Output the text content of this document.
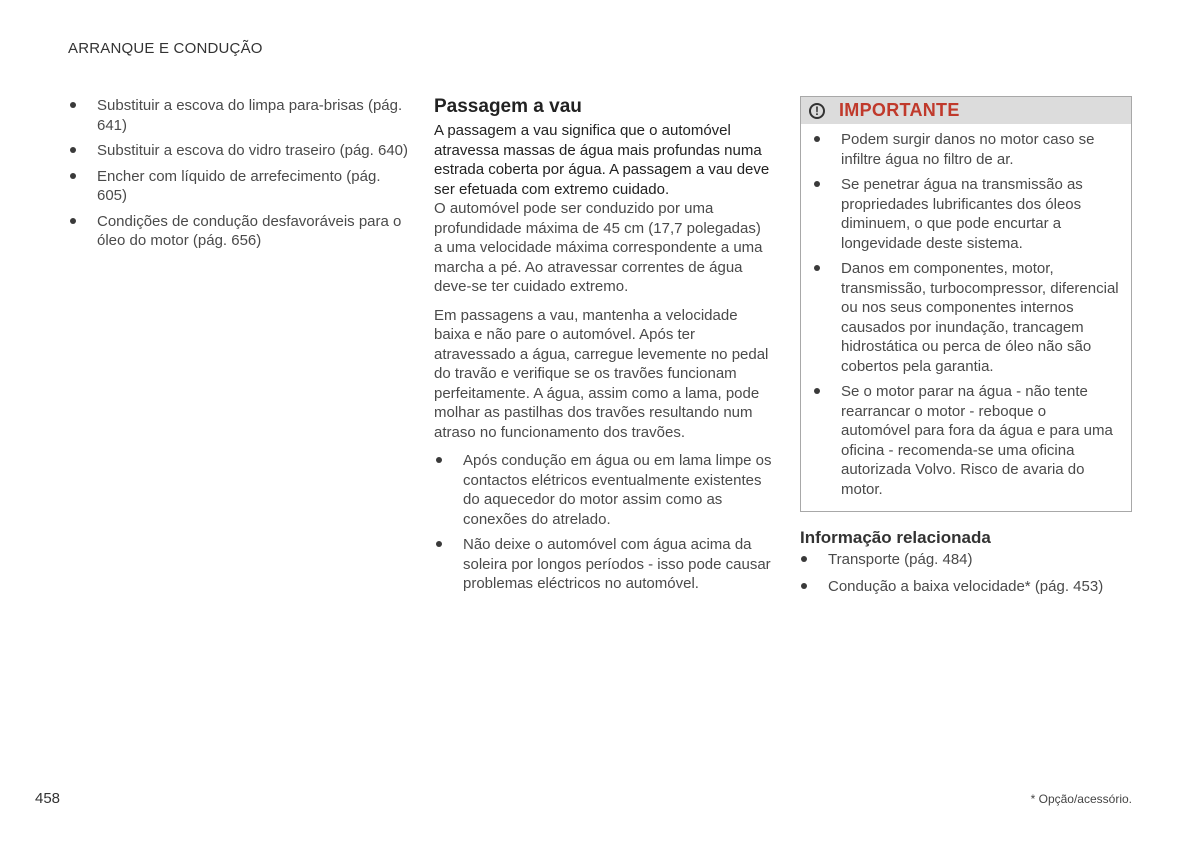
ARRANQUE E CONDUÇÃO
Substituir a escova do limpa para-brisas (pág. 641)
Substituir a escova do vidro traseiro (pág. 640)
Encher com líquido de arrefecimento (pág. 605)
Condições de condução desfavoráveis para o óleo do motor (pág. 656)
Passagem a vau

A passagem a vau significa que o automóvel atravessa massas de água mais profundas numa estrada coberta por água. A passagem a vau deve ser efetuada com extremo cuidado.

O automóvel pode ser conduzido por uma profundidade máxima de 45 cm (17,7 polegadas) a uma velocidade máxima correspondente a uma marcha a pé. Ao atravessar correntes de água deve-se ter cuidado extremo.

Em passagens a vau, mantenha a velocidade baixa e não pare o automóvel. Após ter atravessado a água, carregue levemente no pedal do travão e verifique se os travões funcionam perfeitamente. A água, assim como a lama, pode molhar as pastilhas dos travões resultando num atraso no funcionamento dos travões.

Após condução em água ou em lama limpe os contactos elétricos eventualmente existentes do aquecedor do motor assim como as conexões do atrelado.
Não deixe o automóvel com água acima da soleira por longos períodos - isso pode causar problemas eléctricos no automóvel.
!	IMPORTANTE
Podem surgir danos no motor caso se infiltre água no filtro de ar.
Se penetrar água na transmissão as propriedades lubrificantes dos óleos diminuem, o que pode encurtar a longevidade deste sistema.
Danos em componentes, motor, transmissão, turbocompressor, diferencial ou nos seus componentes internos causados por inundação, trancagem hidrostática ou perca de óleo não são cobertos pela garantia.
Se o motor parar na água - não tente rearrancar o motor - reboque o automóvel para fora da água e para uma oficina - recomenda-se uma oficina autorizada Volvo. Risco de avaria do motor.
Informação relacionada
Transporte (pág. 484)
Condução a baixa velocidade* (pág. 453)
458	* Opção/acessório.
